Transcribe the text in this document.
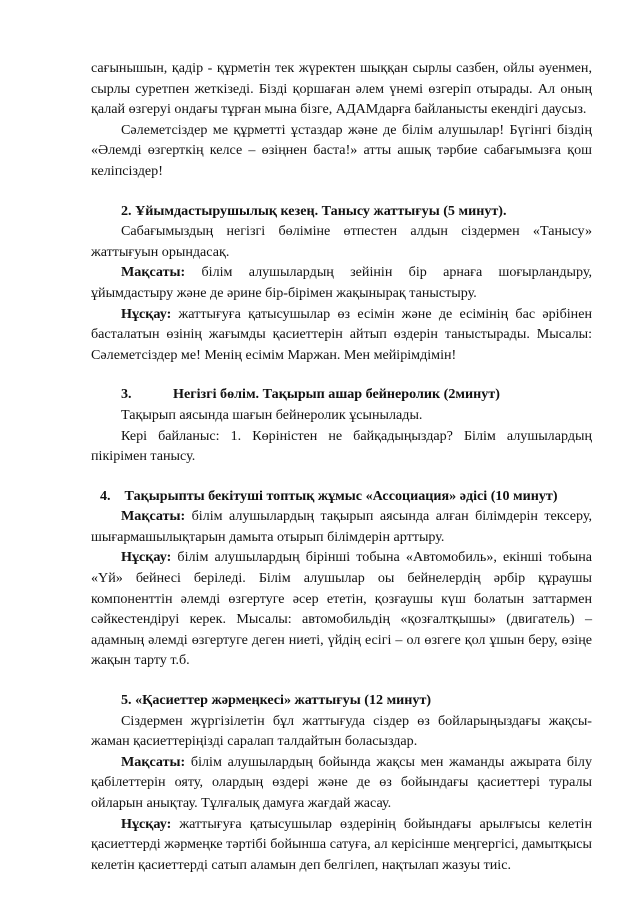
сағынышын, қадір - құрметін тек жүректен шыққан сырлы сазбен, ойлы әуенмен, сырлы суретпен жеткізеді. Бізді қоршаған әлем үнемі өзгеріп отырады. Ал оның қалай өзгеруі ондағы тұрған мына бізге, АДАМдарға байланысты екендігі даусыз.

Сәлеметсіздер ме құрметті ұстаздар және де білім алушылар! Бүгінгі біздің «Әлемді өзгерткің келсе – өзіңнен баста!» атты ашық тәрбие сабағымызға қош келіпсіздер!

2. Ұйымдастырушылық кезең. Танысу жаттығуы (5 минут).

Сабағымыздың негізгі бөліміне өтпестен алдын сіздермен «Танысу» жаттығуын орындасақ.

Мақсаты: білім алушылардың зейінін бір арнаға шоғырландыру, ұйымдастыру және де әрине бір-бірімен жақынырақ таныстыру.

Нұсқау: жаттығуға қатысушылар өз есімін және де есімінің бас әрібінен басталатын өзінің жағымды қасиеттерін айтып өздерін таныстырады. Мысалы: Сәлеметсіздер ме! Менің есімім Маржан. Мен мейірімдімін!

3.	Негізгі бөлім. Тақырып ашар бейнеролик (2минут)

Тақырып аясында шағын бейнеролик ұсынылады.

Кері байланыс: 1. Көріністен не байқадыңыздар? Білім алушылардың пікірімен танысу.

4. Тақырыпты бекітуші топтық жұмыс «Ассоциация» әдісі (10 минут)

Мақсаты: білім алушылардың тақырып аясында алған білімдерін тексеру, шығармашылықтарын дамыта отырып білімдерін арттыру.

Нұсқау: білім алушылардың біріншi тобына «Автомобиль», екінші тобына «Үй» бейнесі беріледі. Білім алушылар оы бейнелердің әрбір құраушы компоненттін әлемді өзгертуге әсер ететін, қозғаушы күш болатын заттармен сәйкестендіруі керек. Мысалы: автомобильдің «қозғалтқышы» (двигатель) – адамның әлемді өзгертуге деген ниеті, үйдің есігі – ол өзгеге қол ұшын беру, өзіңе жақын тарту т.б.

5. «Қасиеттер жәрмеңкесі» жаттығуы (12 минут)

Сіздермен жүргізілетін бұл жаттығуда сіздер өз бойларыңыздағы жақсы-жаман қасиеттеріңізді саралап талдайтын боласыздар.

Мақсаты: білім алушылардың бойында жақсы мен жаманды ажырата білу қабілеттерін ояту, олардың өздері және де өз бойындағы қасиеттері туралы ойларын анықтау. Тұлғалық дамуға жағдай жасау.

Нұсқау: жаттығуға қатысушылар өздерінің бойындағы арылғысы келетін қасиеттерді жәрмеңке тәртібі бойынша сатуға, ал керісінше меңгергісі, дамытқысы келетін қасиеттерді сатып аламын деп белгілеп, нақтылап жазуы тиіс.
